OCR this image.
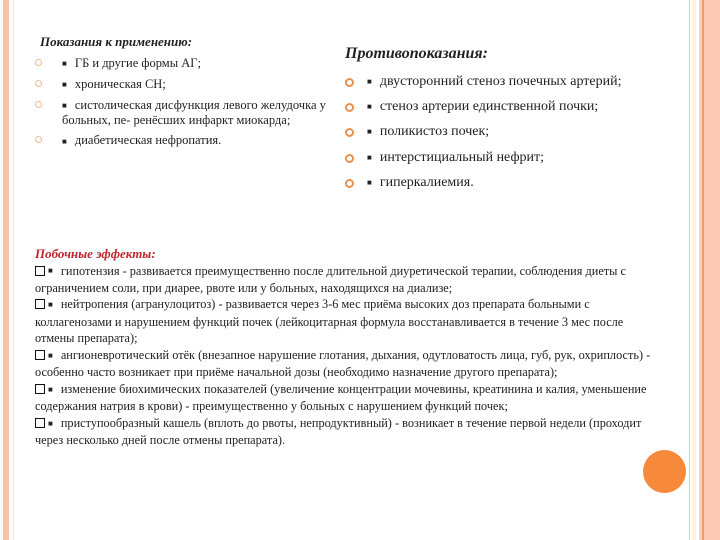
Показания к применению:
■ ГБ и другие формы АГ;
■ хроническая СН;
■ систолическая дисфункция левого желудочка у больных, пе- ренёсших инфаркт миокарда;
■ диабетическая нефропатия.
Противопоказания:
■ двусторонний стеноз почечных артерий;
■ стеноз артерии единственной почки;
■ поликистоз почек;
■ интерстициальный нефрит;
■ гиперкалиемия.
Побочные эффекты:

■ гипотензия - развивается преимущественно после длительной диуретической терапии, соблюдения диеты с ограничением соли, при диарее, рвоте или у больных, находящихся на диализе;

■ нейтропения (агранулоцитоз) - развивается через 3-6 мес приёма высоких доз препарата больными с коллагенозами и нарушением функций почек (лейкоцитарная формула восстанавливается в течение 3 мес после отмены препарата);

■ ангионевротический отёк (внезапное нарушение глотания, дыхания, одутловатость лица, губ, рук, охриплость) - особенно часто возникает при приёме начальной дозы (необходимо назначение другого препарата);

■ изменение биохимических показателей (увеличение концентрации мочевины, креатинина и калия, уменьшение содержания натрия в крови) - преимущественно у больных с нарушением функций почек;

■ приступообразный кашель (вплоть до рвоты, непродуктивный) - возникает в течение первой недели (проходит через несколько дней после отмены препарата).
